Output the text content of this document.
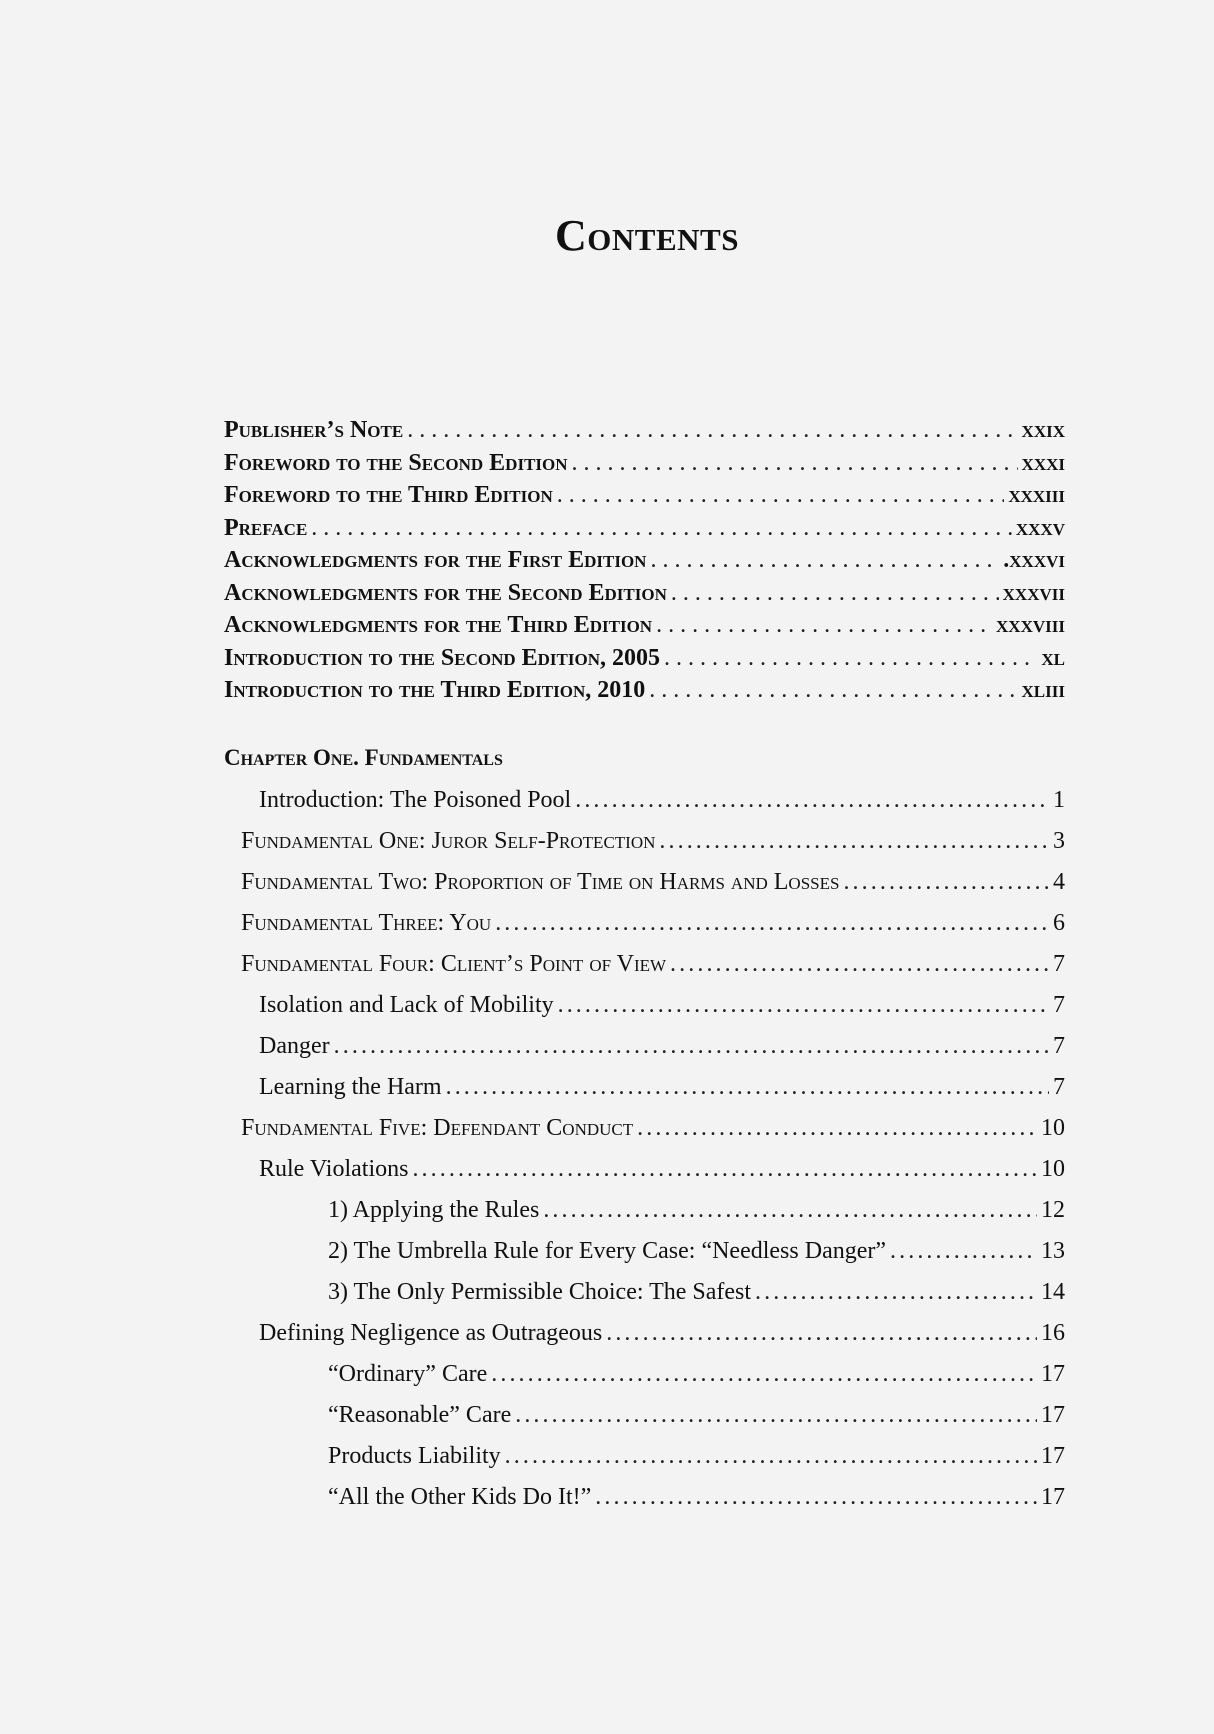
Contents
Publisher’s Note . . .	xxix
Foreword to the Second Edition . . .	xxxi
Foreword to the Third Edition . . .	xxxiii
Preface . . .	xxxv
Acknowledgments for the First Edition . . .	.xxxvi
Acknowledgments for the Second Edition . . .	xxxvii
Acknowledgments for the Third Edition . . .	xxxviii
Introduction to the Second Edition, 2005 . . .	xl
Introduction to the Third Edition, 2010 . . .	xliii
Chapter One. Fundamentals
Introduction: The Poisoned Pool .....	1
Fundamental One: Juror Self-Protection .....	3
Fundamental Two: Proportion of Time on Harms and Losses .....	4
Fundamental Three: You .....	6
Fundamental Four: Client’s Point of View .....	7
Isolation and Lack of Mobility .....	7
Danger .....	7
Learning the Harm .....	7
Fundamental Five: Defendant Conduct .....	10
Rule Violations .....	10
1) Applying the Rules .....	12
2) The Umbrella Rule for Every Case: “Needless Danger” .....	13
3) The Only Permissible Choice: The Safest .....	14
Defining Negligence as Outrageous .....	16
“Ordinary” Care .....	17
“Reasonable” Care .....	17
Products Liability .....	17
“All the Other Kids Do It!” .....	17
